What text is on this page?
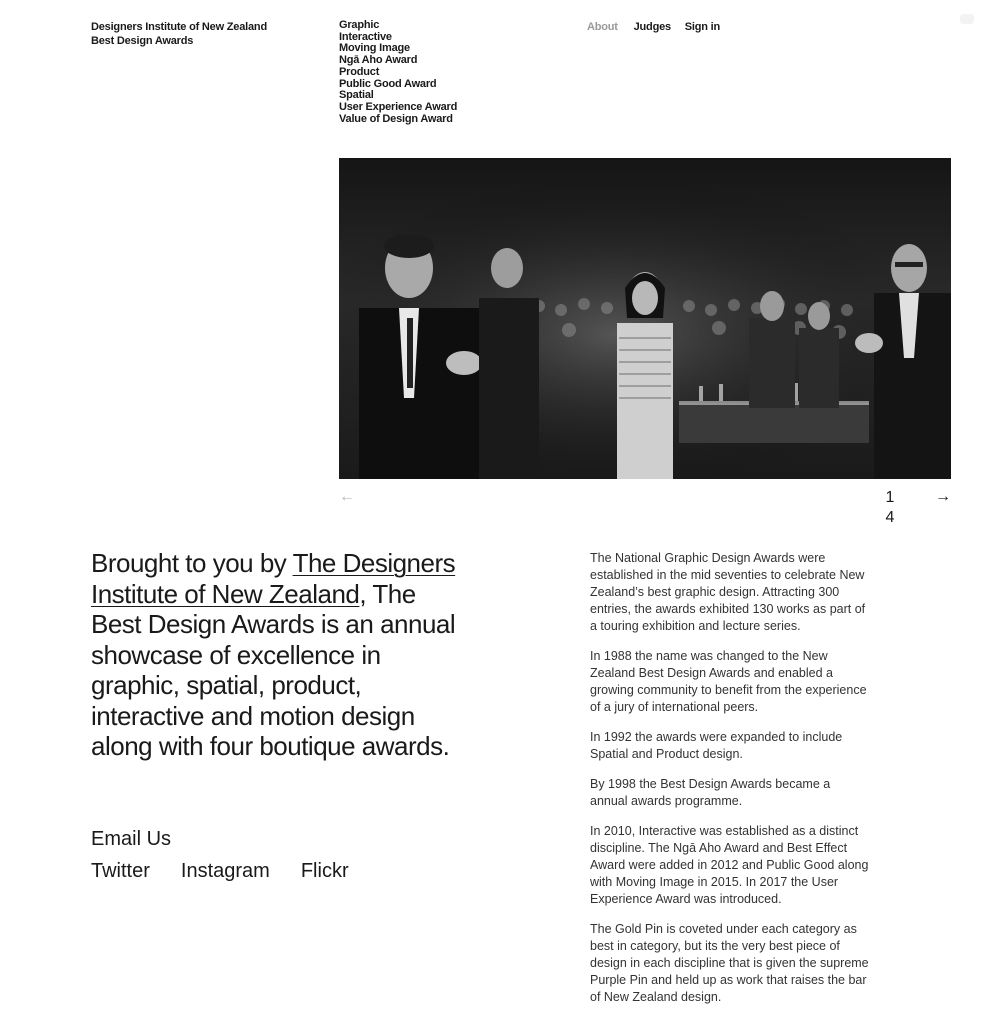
Designers Institute of New Zealand
Best Design Awards
Graphic
Interactive
Moving Image
Ngā Aho Award
Product
Public Good Award
Spatial
User Experience Award
Value of Design Award
About Judges Sign in
←	1
4
→
Brought to you by The Designers Institute of New Zealand, The Best Design Awards is an annual showcase of excellence in graphic, spatial, product, interactive and motion design along with four boutique awards.
Email Us
Twitter Instagram Flickr

The National Graphic Design Awards were established in the mid seventies to celebrate New Zealand’s best graphic design. Attracting 300 entries, the awards exhibited 130 works as part of a touring exhibition and lecture series.

In 1988 the name was changed to the New Zealand Best Design Awards and enabled a growing community to benefit from the experience of a jury of international peers.

In 1992 the awards were expanded to include Spatial and Product design.

By 1998 the Best Design Awards became a annual awards programme.

In 2010, Interactive was established as a distinct discipline. The Ngā Aho Award and Best Effect Award were added in 2012 and Public Good along with Moving Image in 2015. In 2017 the User Experience Award was introduced.

The Gold Pin is coveted under each category as best in category, but its the very best piece of design in each discipline that is given the supreme Purple Pin and held up as work that raises the bar of New Zealand design.
